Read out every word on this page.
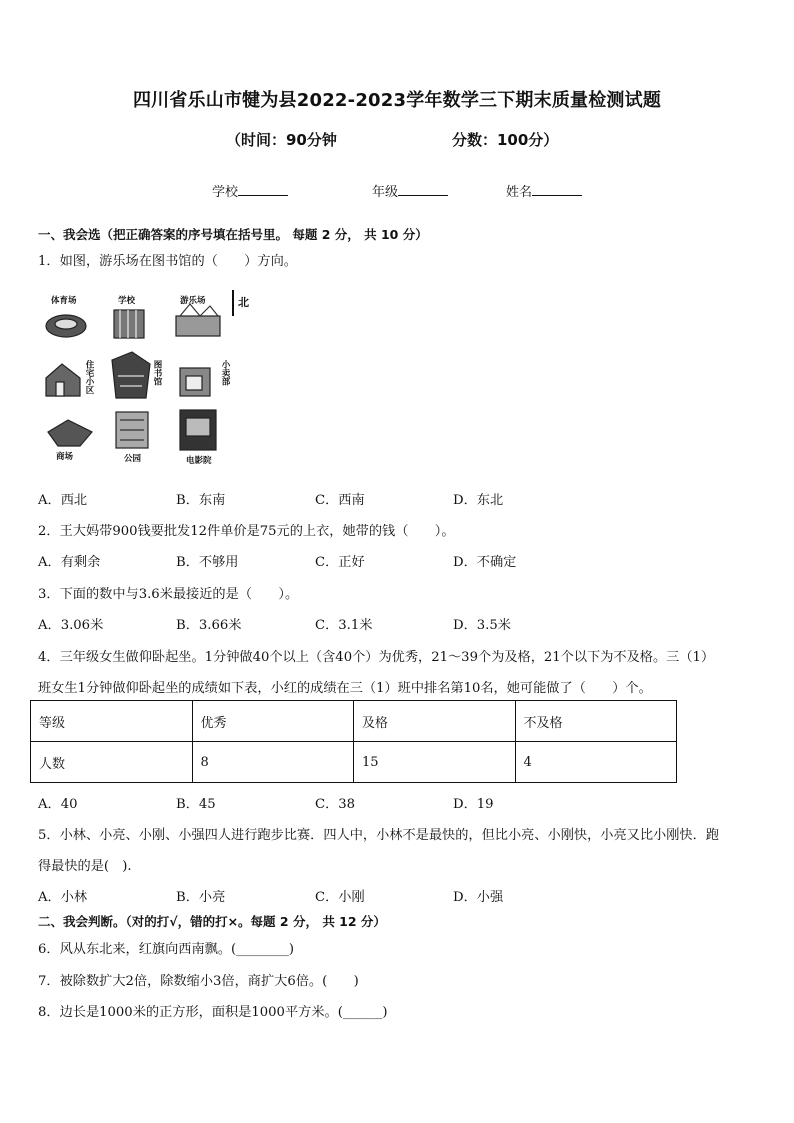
四川省乐山市犍为县2022-2023学年数学三下期末质量检测试题
（时间：90分钟	分数：100分）
学校	年级	姓名
一、我会选（把正确答案的序号填在括号里。 每题 2 分， 共 10 分）
1．如图，游乐场在图书馆的（　　）方向。
体育场	学校	游乐场
住宅小区	图书馆	小卖部
商场	公园	电影院
北
A．西北	B．东南	C．西南	D．东北
2．王大妈带900钱要批发12件单价是75元的上衣，她带的钱（　　）。
A．有剩余	B．不够用	C．正好	D．不确定
3．下面的数中与3.6米最接近的是（　　）。
A．3.06米	B．3.66米	C．3.1米	D．3.5米
4．三年级女生做仰卧起坐。1分钟做40个以上（含40个）为优秀，21～39个为及格，21个以下为不及格。三（1）
班女生1分钟做仰卧起坐的成绩如下表，小红的成绩在三（1）班中排名第10名，她可能做了（　　）个。
等级	优秀	及格	不及格
人数	8	15	4
A．40	B．45	C．38	D．19
5．小林、小亮、小刚、小强四人进行跑步比赛．四人中，小林不是最快的，但比小亮、小刚快，小亮又比小刚快．跑
得最快的是(　).
A．小林	B．小亮	C．小刚	D．小强
二、我会判断。（对的打√，错的打×。每题 2 分， 共 12 分）
6．风从东北来，红旗向西南飘。(________)
7．被除数扩大2倍，除数缩小3倍，商扩大6倍。(　　)
8．边长是1000米的正方形，面积是1000平方米。(______)
